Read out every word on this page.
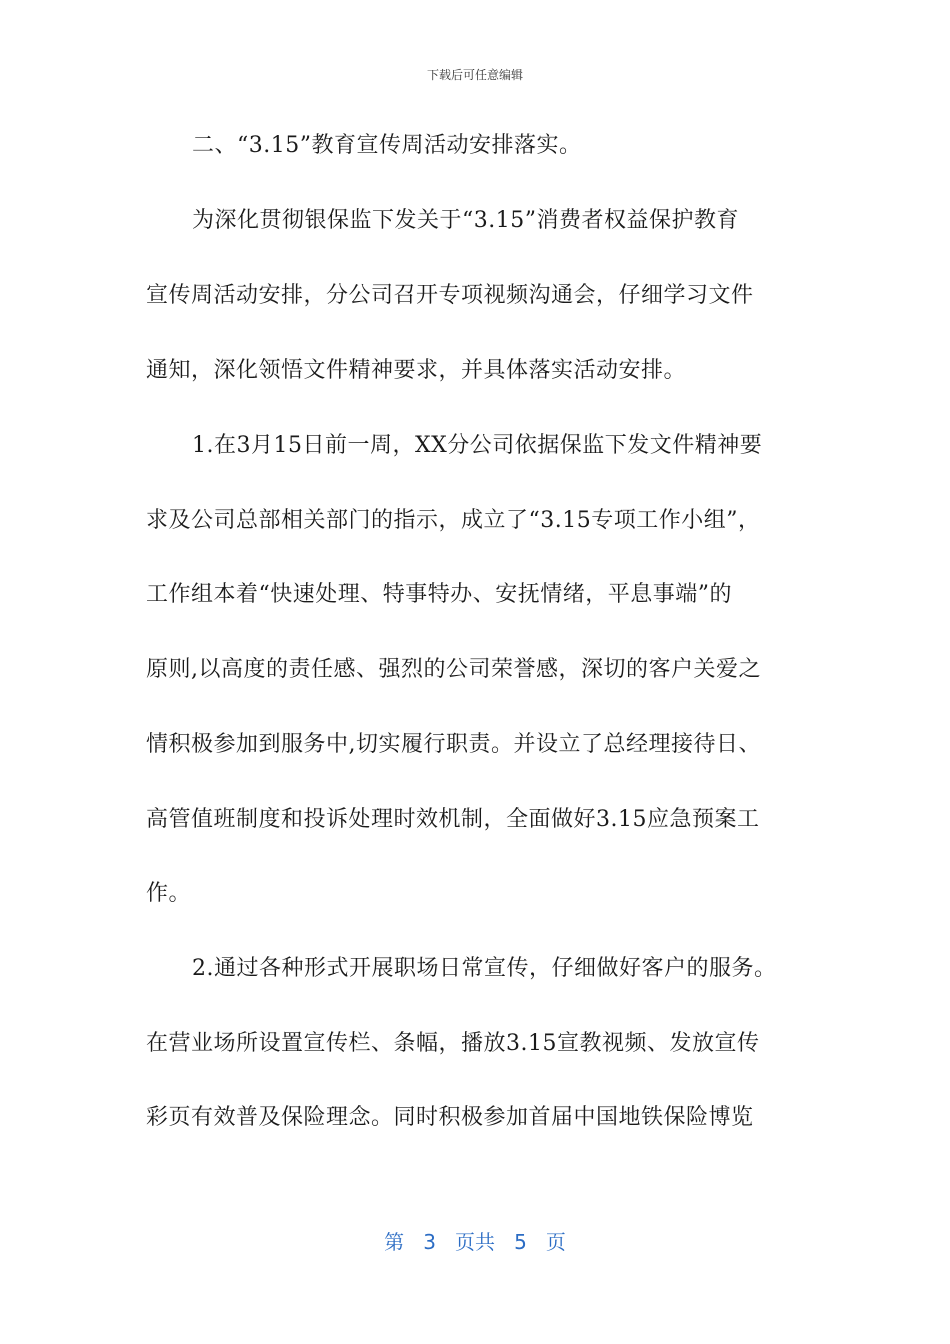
下载后可任意编辑
二、“3.15”教育宣传周活动安排落实。
为深化贯彻银保监下发关于“3.15”消费者权益保护教育
宣传周活动安排，分公司召开专项视频沟通会，仔细学习文件
通知，深化领悟文件精神要求，并具体落实活动安排。
1.在3月15日前一周，XX分公司依据保监下发文件精神要
求及公司总部相关部门的指示，成立了“3.15专项工作小组”，
工作组本着“快速处理、特事特办、安抚情绪，平息事端”的
原则,以高度的责任感、强烈的公司荣誉感，深切的客户关爱之
情积极参加到服务中,切实履行职责。并设立了总经理接待日、
高管值班制度和投诉处理时效机制，全面做好3.15应急预案工
作。
2.通过各种形式开展职场日常宣传，仔细做好客户的服务。
在营业场所设置宣传栏、条幅，播放3.15宣教视频、发放宣传
彩页有效普及保险理念。同时积极参加首届中国地铁保险博览
第 3 页共 5 页
